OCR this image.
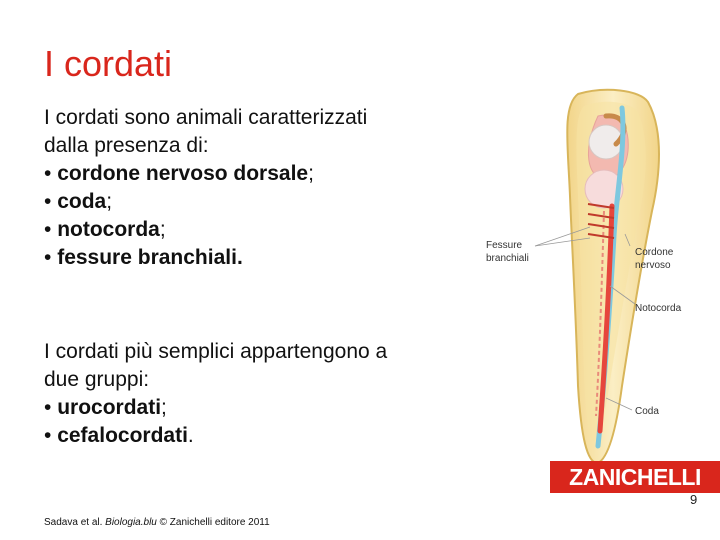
I cordati
I cordati sono animali caratterizzati
dalla presenza di:
• cordone nervoso dorsale;
• coda;
• notocorda;
• fessure branchiali.
I cordati più semplici appartengono a
due gruppi:
• urocordati;
• cefalocordati.
Fessure
branchiali
Cordone
nervoso
Notocorda
Coda
ZANICHELLI
9
Sadava et al. Biologia.blu © Zanichelli editore 2011
